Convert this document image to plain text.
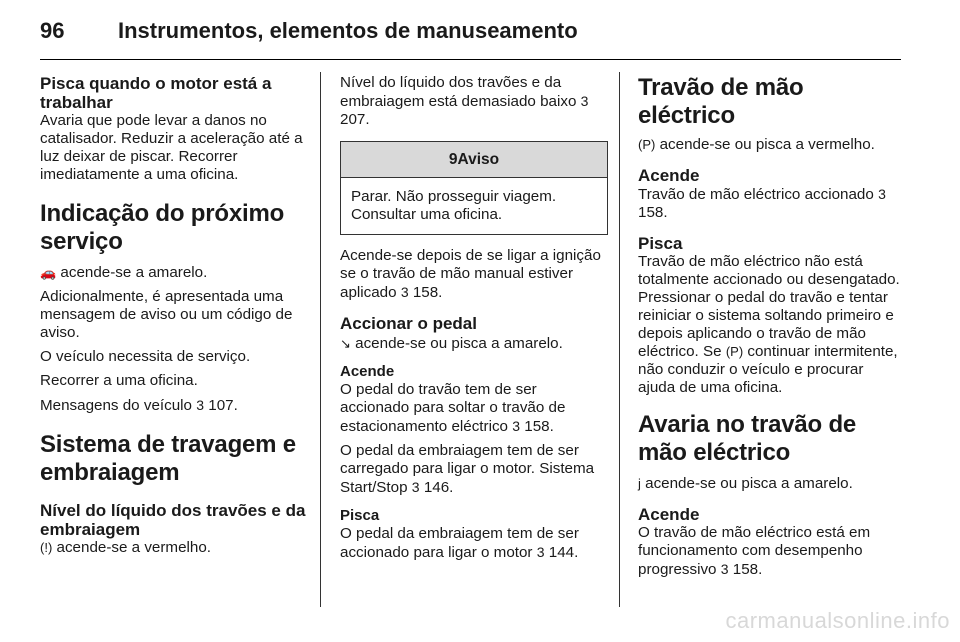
96	Instrumentos, elementos de manuseamento
Pisca quando o motor está a trabalhar

Avaria que pode levar a danos no catalisador. Reduzir a aceleração até a luz deixar de piscar. Recorrer imediatamente a uma oficina.

Indicação do próximo serviço

🚗 acende-se a amarelo.

Adicionalmente, é apresentada uma mensagem de aviso ou um código de aviso.

O veículo necessita de serviço.

Recorrer a uma oficina.

Mensagens do veículo 3 107.

Sistema de travagem e embraiagem
Nível do líquido dos travões e da embraiagem

(!) acende-se a vermelho.

Nível do líquido dos travões e da embraiagem está demasiado baixo 3 207.

9 Aviso
Parar. Não prosseguir viagem. Consultar uma oficina.

Acende-se depois de se ligar a ignição se o travão de mão manual estiver aplicado 3 158.

Accionar o pedal

↘ acende-se ou pisca a amarelo.

Acende

O pedal do travão tem de ser accionado para soltar o travão de estacionamento eléctrico 3 158.

O pedal da embraiagem tem de ser carregado para ligar o motor. Sistema Start/Stop 3 146.

Pisca

O pedal da embraiagem tem de ser accionado para ligar o motor 3 144.

Travão de mão eléctrico

(P) acende-se ou pisca a vermelho.

Acende

Travão de mão eléctrico accionado 3 158.

Pisca

Travão de mão eléctrico não está totalmente accionado ou desengatado. Pressionar o pedal do travão e tentar reiniciar o sistema soltando primeiro e depois aplicando o travão de mão eléctrico. Se (P) continuar intermitente, não conduzir o veículo e procurar ajuda de uma oficina.

Avaria no travão de mão eléctrico

j acende-se ou pisca a amarelo.

Acende

O travão de mão eléctrico está em funcionamento com desempenho progressivo 3 158.

carmanualsonline.info
